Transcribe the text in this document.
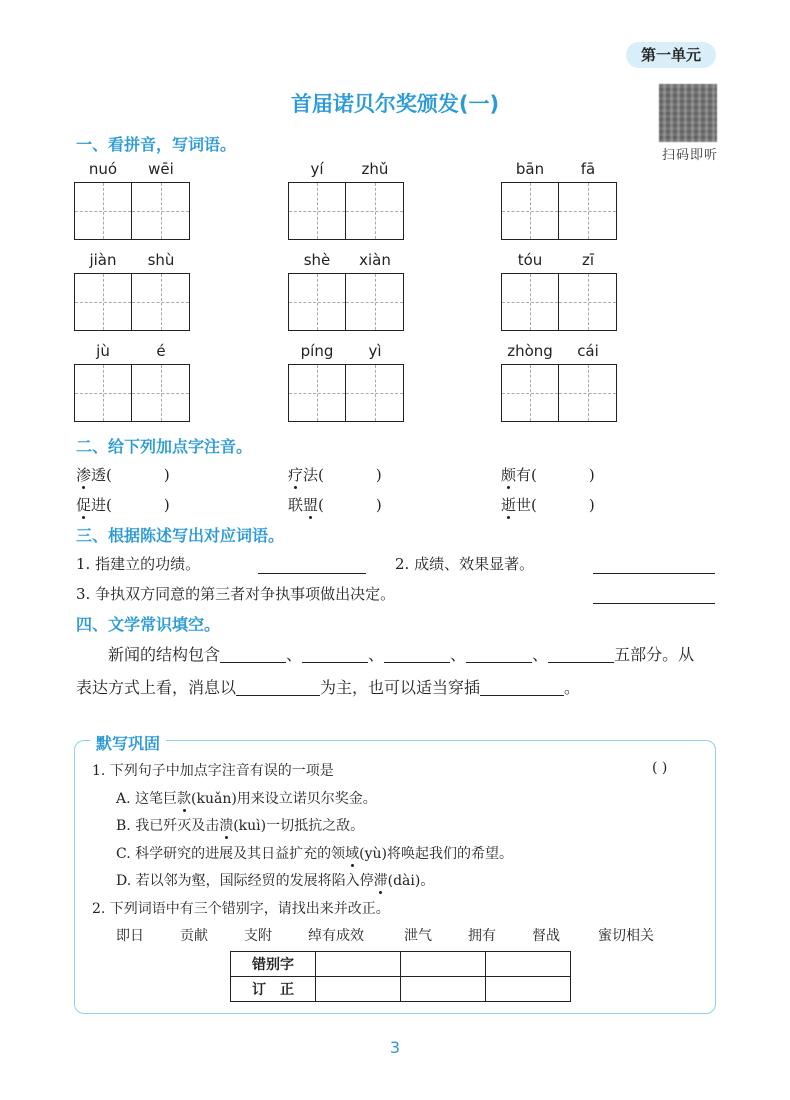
第一单元
首届诺贝尔奖颁发(一)
扫码即听
一、看拼音，写词语。
nuó	wēi	yí	zhǔ	bān	fā
jiàn	shù	shè	xiàn	tóu	zī
jù	é	píng	yì	zhòng	cái
二、给下列加点字注音。
渗透(	)	疗法(	)	颇有(	)
促进(	)	联盟(	)	逝世(	)
三、根据陈述写出对应词语。
1. 指建立的功绩。	2. 成绩、效果显著。
3. 争执双方同意的第三者对争执事项做出决定。
四、文学常识填空。
新闻的结构包含	、	、	、	、	五部分。从
表达方式上看，消息以	为主，也可以适当穿插	。
默写巩固
1. 下列句子中加点字注音有误的一项是	( )
A. 这笔巨款(kuǎn)用来设立诺贝尔奖金。
B. 我已歼灭及击溃(kuì)一切抵抗之敌。
C. 科学研究的进展及其日益扩充的领域(yù)将唤起我们的希望。
D. 若以邻为壑，国际经贸的发展将陷入停滞(dài)。
2. 下列词语中有三个错别字，请找出来并改正。
即日	贡献	支附	绰有成效	泄气	拥有	督战	蜜切相关
错别字			
订　正			
3
